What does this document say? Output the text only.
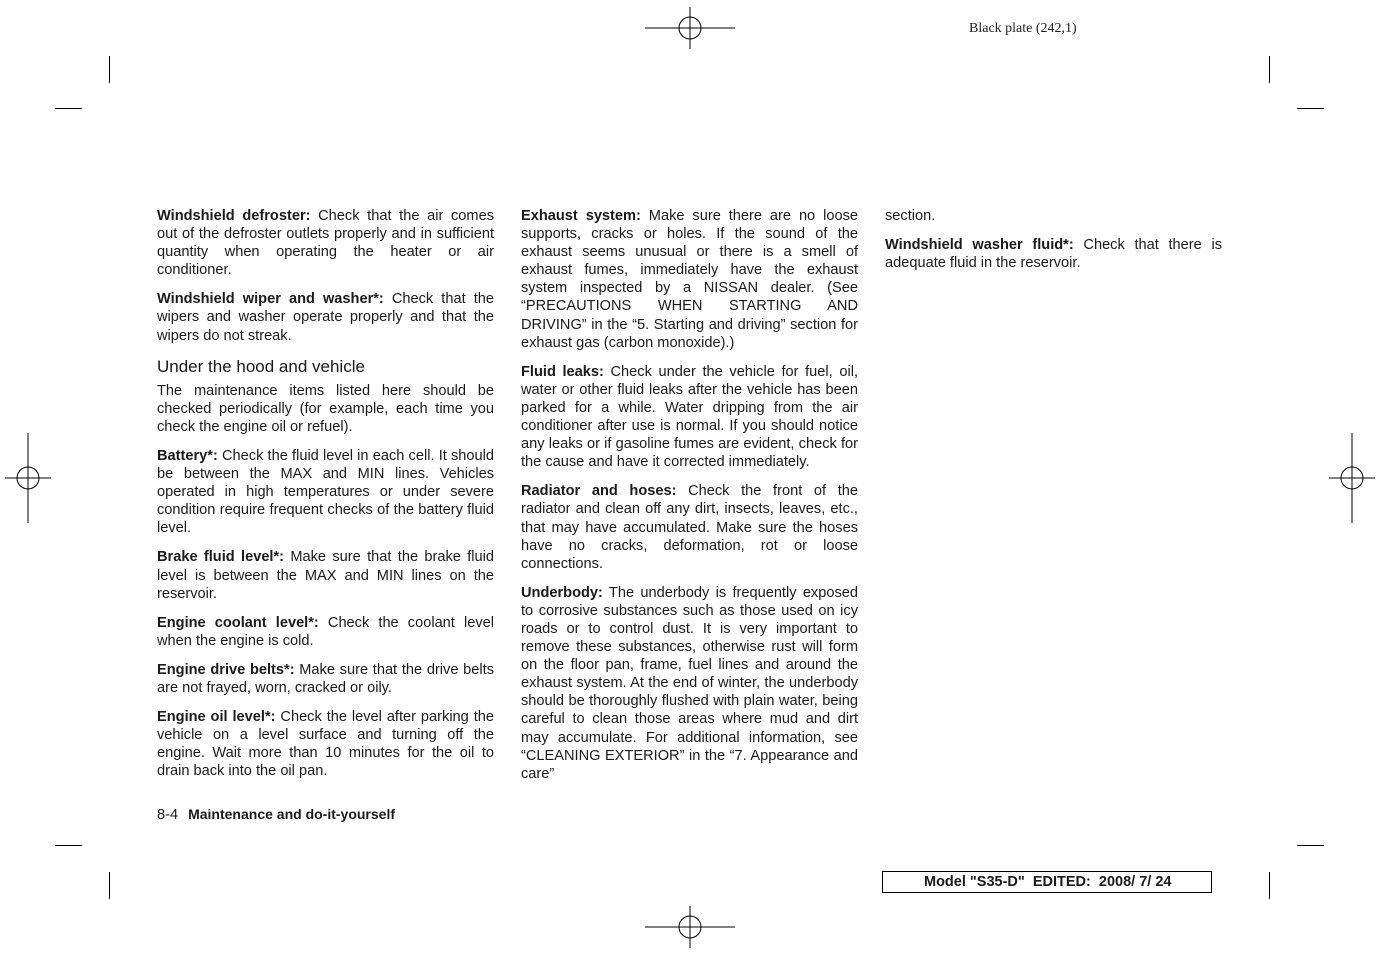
Black plate (242,1)

Windshield defroster: Check that the air comes out of the defroster outlets properly and in sufficient quantity when operating the heater or air conditioner.

Windshield wiper and washer*: Check that the wipers and washer operate properly and that the wipers do not streak.

Under the hood and vehicle

The maintenance items listed here should be checked periodically (for example, each time you check the engine oil or refuel).

Battery*: Check the fluid level in each cell. It should be between the MAX and MIN lines. Vehicles operated in high temperatures or under severe condition require frequent checks of the battery fluid level.

Brake fluid level*: Make sure that the brake fluid level is between the MAX and MIN lines on the reservoir.

Engine coolant level*: Check the coolant level when the engine is cold.

Engine drive belts*: Make sure that the drive belts are not frayed, worn, cracked or oily.

Engine oil level*: Check the level after parking the vehicle on a level surface and turning off the engine. Wait more than 10 minutes for the oil to drain back into the oil pan.

Exhaust system: Make sure there are no loose supports, cracks or holes. If the sound of the exhaust seems unusual or there is a smell of exhaust fumes, immediately have the exhaust system inspected by a NISSAN dealer. (See “PRECAUTIONS WHEN STARTING AND DRIVING” in the “5. Starting and driving” section for exhaust gas (carbon monoxide).)

Fluid leaks: Check under the vehicle for fuel, oil, water or other fluid leaks after the vehicle has been parked for a while. Water dripping from the air conditioner after use is normal. If you should notice any leaks or if gasoline fumes are evident, check for the cause and have it corrected immediately.

Radiator and hoses: Check the front of the radiator and clean off any dirt, insects, leaves, etc., that may have accumulated. Make sure the hoses have no cracks, deformation, rot or loose connections.

Underbody: The underbody is frequently exposed to corrosive substances such as those used on icy roads or to control dust. It is very important to remove these substances, otherwise rust will form on the floor pan, frame, fuel lines and around the exhaust system. At the end of winter, the underbody should be thoroughly flushed with plain water, being careful to clean those areas where mud and dirt may accumulate. For additional information, see “CLEANING EXTERIOR” in the “7. Appearance and care”

section.

Windshield washer fluid*: Check that there is adequate fluid in the reservoir.

8-4 Maintenance and do-it-yourself
Model "S35-D"  EDITED:  2008/ 7/ 24
